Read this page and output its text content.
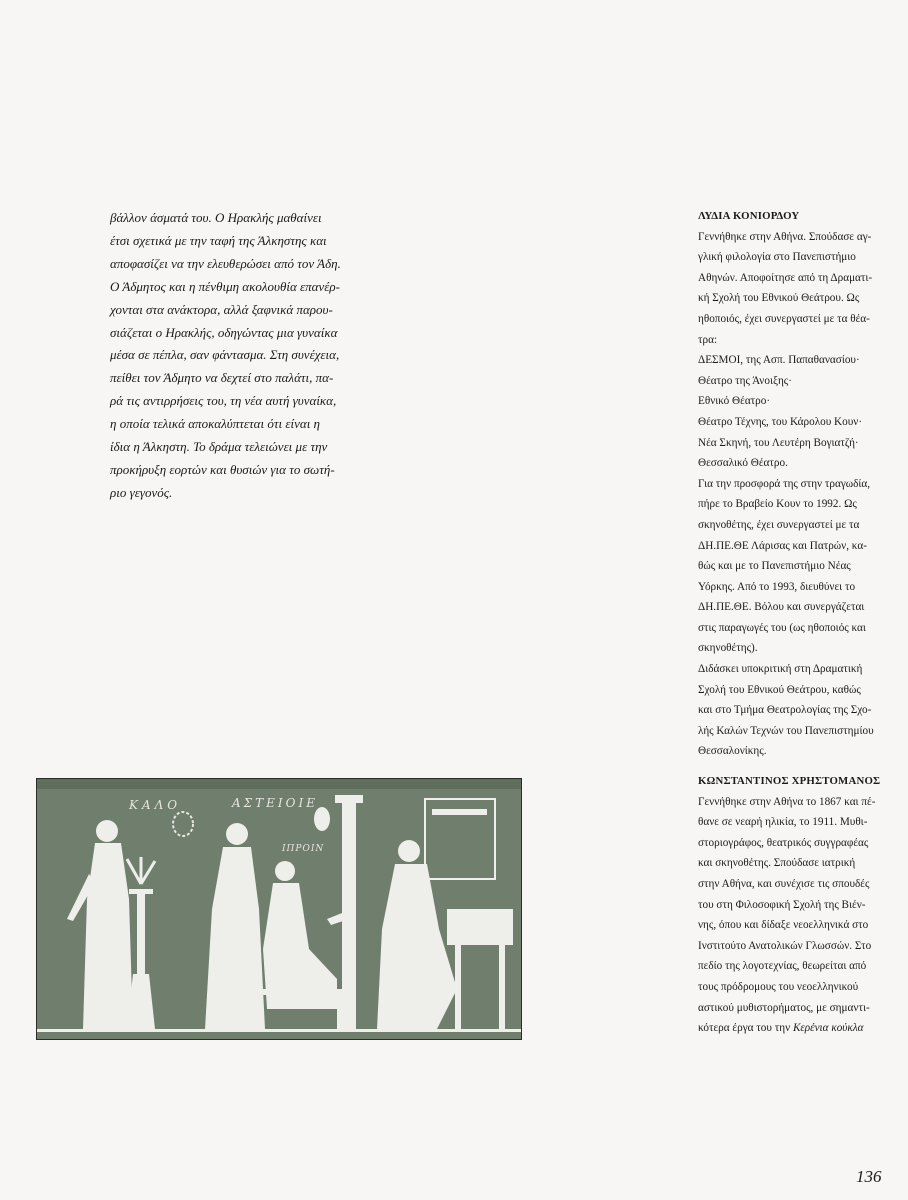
βάλλον άσματά του. Ο Ηρακλής μαθαίνει
έτσι σχετικά με την ταφή της Άλκηστης και
αποφασίζει να την ελευθερώσει από τον Άδη.
Ο Άδμητος και η πένθιμη ακολουθία επανέρ-
χονται στα ανάκτορα, αλλά ξαφνικά παρου-
σιάζεται ο Ηρακλής, οδηγώντας μια γυναίκα
μέσα σε πέπλα, σαν φάντασμα. Στη συνέχεια,
πείθει τον Άδμητο να δεχτεί στο παλάτι, πα-
ρά τις αντιρρήσεις του, τη νέα αυτή γυναίκα,
η οποία τελικά αποκαλύπτεται ότι είναι η
ίδια η Άλκηστη. Το δράμα τελειώνει με την
προκήρυξη εορτών και θυσιών για το σωτή-
ριο γεγονός.
ΛΥΔΙΑ ΚΟΝΙΟΡΔΟΥ
Γεννήθηκε στην Αθήνα. Σπούδασε αγ-
γλική φιλολογία στο Πανεπιστήμιο
Αθηνών. Αποφοίτησε από τη Δραματι-
κή Σχολή του Εθνικού Θεάτρου. Ως
ηθοποιός, έχει συνεργαστεί με τα θέα-
τρα:
ΔΕΣΜΟΙ, της Ασπ. Παπαθανασίου·
Θέατρο της Άνοιξης·
Εθνικό Θέατρο·
Θέατρο Τέχνης, του Κάρολου Κουν·
Νέα Σκηνή, του Λευτέρη Βογιατζή·
Θεσσαλικό Θέατρο.
Για την προσφορά της στην τραγωδία,
πήρε το Βραβείο Κουν το 1992. Ως
σκηνοθέτης, έχει συνεργαστεί με τα
ΔΗ.ΠΕ.ΘΕ Λάρισας και Πατρών, κα-
θώς και με το Πανεπιστήμιο Νέας
Υόρκης. Από το 1993, διευθύνει το
ΔΗ.ΠΕ.ΘΕ. Βόλου και συνεργάζεται
στις παραγωγές του (ως ηθοποιός και
σκηνοθέτης).
Διδάσκει υποκριτική στη Δραματική
Σχολή του Εθνικού Θεάτρου, καθώς
και στο Τμήμα Θεατρολογίας της Σχο-
λής Καλών Τεχνών του Πανεπιστημίου
Θεσσαλονίκης.
ΚΩΝΣΤΑΝΤΙΝΟΣ ΧΡΗΣΤΟΜΑΝΟΣ
Γεννήθηκε στην Αθήνα το 1867 και πέ-
θανε σε νεαρή ηλικία, το 1911. Μυθι-
στοριογράφος, θεατρικός συγγραφέας
και σκηνοθέτης. Σπούδασε ιατρική
στην Αθήνα, και συνέχισε τις σπουδές
του στη Φιλοσοφική Σχολή της Βιέν-
νης, όπου και δίδαξε νεοελληνικά στο
Ινστιτούτο Ανατολικών Γλωσσών. Στο
πεδίο της λογοτεχνίας, θεωρείται από
τους πρόδρομους του νεοελληνικού
αστικού μυθιστορήματος, με σημαντι-
κότερα έργα του την Κερένια κούκλα
ΚΑΛΟ	ΑΣΤΕΙΟΙΕ
ΙΠΡΟΙΝ
136
